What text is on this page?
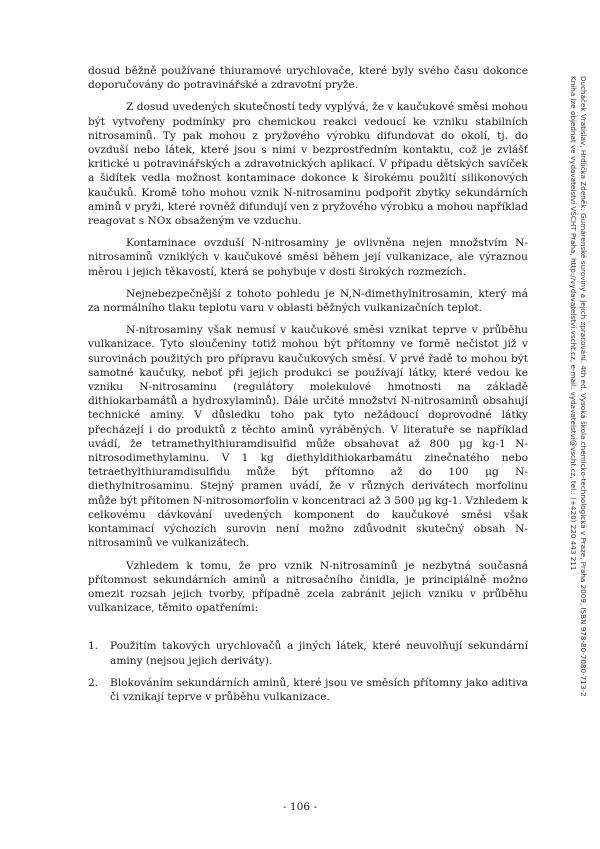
dosud běžně používané thiuramové urychlovače, které byly svého času dokonce doporučovány do potravinářské a zdravotní pryže.

Z dosud uvedených skutečností tedy vyplývá, že v kaučukové směsi mohou být vytvořeny podmínky pro chemickou reakci vedoucí ke vzniku stabilních nitrosaminů. Ty pak mohou z pryžového výrobku difundovat do okolí, tj. do ovzduší nebo látek, které jsou s nimi v bezprostředním kontaktu, což je zvlášť kritické u potravinářských a zdravotnických aplikací. V případu dětských savíček a šidítek vedla možnost kontaminace dokonce k širokému použití silikonových kaučuků. Kromě toho mohou vznik N-nitrosaminu podpořit zbytky sekundárních aminů v pryži, které rovněž difundují ven z pryžového výrobku a mohou například reagovat s NOx obsaženým ve vzduchu.

Kontaminace ovzduší N-nitrosaminy je ovlivněna nejen množstvím N-nitrosaminů vzniklých v kaučukové směsi během její vulkanizace, ale výraznou měrou i jejich těkavostí, která se pohybuje v dosti širokých rozmezích.

Nejnebezpečnější z tohoto pohledu je N,N-dimethylnitrosamin, který má za normálního tlaku teplotu varu v oblasti běžných vulkanizačních teplot.

N-nitrosaminy však nemusí v kaučukové směsi vznikat teprve v průběhu vulkanizace. Tyto sloučeniny totiž mohou být přítomny ve formě nečistot již v surovinách použitých pro přípravu kaučukových směsí. V prvé řadě to mohou být samotné kaučuky, neboť při jejich produkci se používají látky, které vedou ke vzniku N-nitrosaminu (regulátory molekulové hmotnosti na základě dithiokarbamátů a hydroxylaminů). Dále určité množství N-nitrosaminů obsahují technické aminy. V důsledku toho pak tyto nežádoucí doprovodné látky přecházejí i do produktů z těchto aminů vyráběných. V literatuře se například uvádí, že tetramethylthiuramdisulfid může obsahovat až 800 μg kg-1 N-nitrosodimethylaminu. V 1 kg diethyldithiokarbamátu zinečnatého nebo tetraethylthiuramdisulfidu může být přítomno až do 100 μg N-diethylnitrosaminu. Stejný pramen uvádí, že v různých derivátech morfolinu může být přítomen N-nitrosomorfolin v koncentraci až 3 500 μg kg-1. Vzhledem k celkovému dávkování uvedených komponent do kaučukové směsi však kontaminací výchozích surovin není možno zdůvodnit skutečný obsah N-nitrosaminů ve vulkanizátech.

Vzhledem k tomu, že pro vznik N-nitrosaminů je nezbytná současná přítomnost sekundárních aminů a nitrosačního činidla, je principiálně možno omezit rozsah jejich tvorby, případně zcela zabránit jejich vzniku v průběhu vulkanizace, těmito opatřeními:

1. Použitím takových urychlovačů a jiných látek, které neuvolňují sekundární aminy (nejsou jejich deriváty).
2. Blokováním sekundárních aminů, které jsou ve směsích přítomny jako aditiva či vznikají teprve v průběhu vulkanizace.
Ducháček Vratislav, Hrdlička Zdeněk: Gumárenské suroviny a jejich zpracování. 4th ed. Vysoká škola chemicko-technologická v Praze, Praha 2009, ISBN 978-80-7080-713-2
Kniha lze objednat ve vydavatelství VŠCHT Praha, http://vydavatelstvi.vscht.cz, e-mail: vydavatelstvi@vscht.cz, tel.: (+420) 220 443 211
- 106 -
